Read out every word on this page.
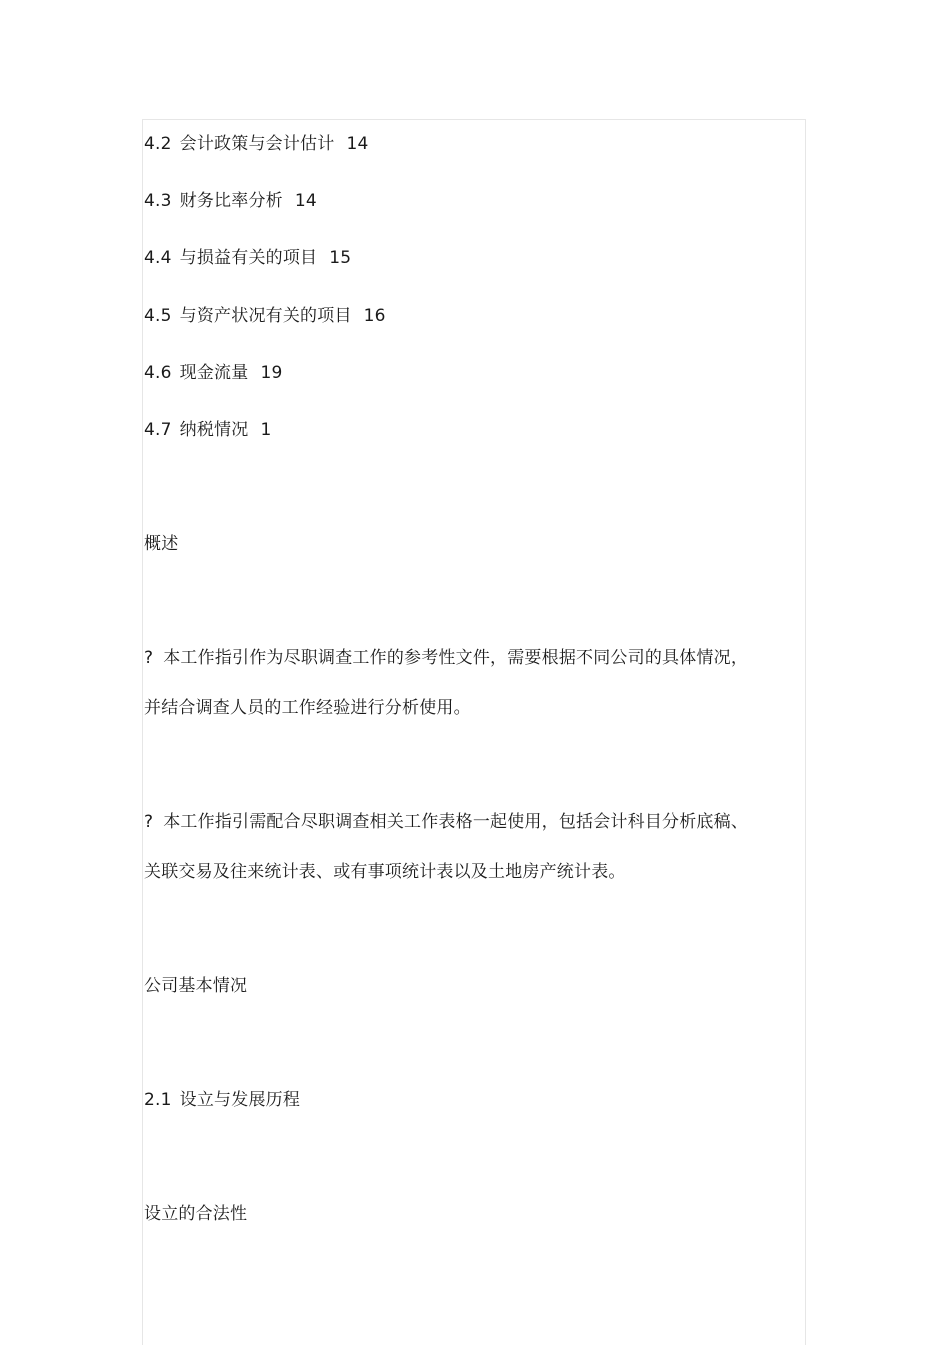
4.2 会计政策与会计估计 14
4.3 财务比率分析 14
4.4 与损益有关的项目 15
4.5 与资产状况有关的项目 16
4.6 现金流量 19
4.7 纳税情况 1
概述
? 本工作指引作为尽职调查工作的参考性文件，需要根据不同公司的具体情况，
并结合调查人员的工作经验进行分析使用。
? 本工作指引需配合尽职调查相关工作表格一起使用，包括会计科目分析底稿、
关联交易及往来统计表、或有事项统计表以及土地房产统计表。
公司基本情况
2.1 设立与发展历程
设立的合法性
